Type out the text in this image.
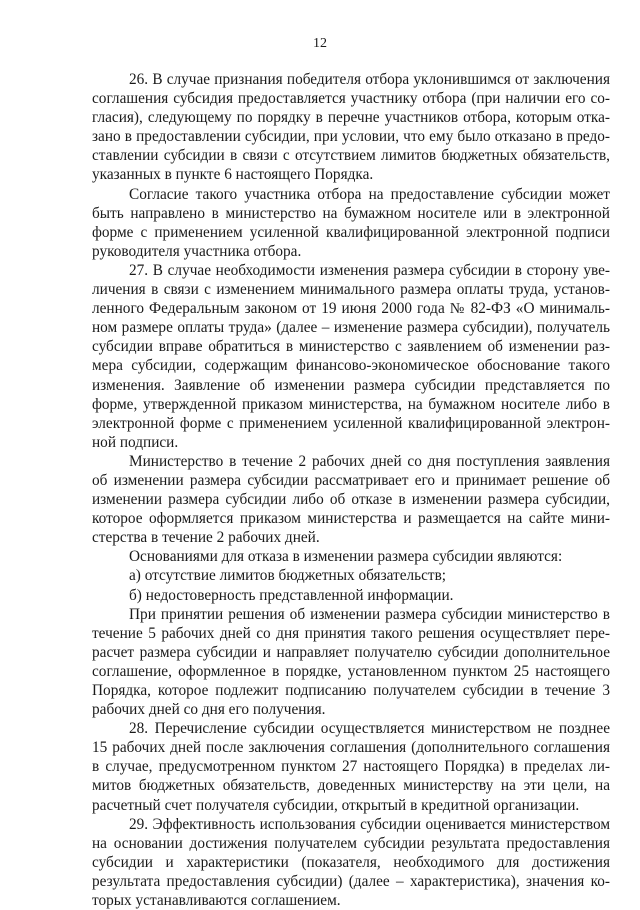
12

26. В случае признания победителя отбора уклонившимся от заключения соглашения субсидия предоставляется участнику отбора (при наличии его согласия), следующему по порядку в перечне участников отбора, которым отказано в предоставлении субсидии, при условии, что ему было отказано в предоставлении субсидии в связи с отсутствием лимитов бюджетных обязательств, указанных в пункте 6 настоящего Порядка.

Согласие такого участника отбора на предоставление субсидии может быть направлено в министерство на бумажном носителе или в электронной форме с применением усиленной квалифицированной электронной подписи руководителя участника отбора.

27. В случае необходимости изменения размера субсидии в сторону увеличения в связи с изменением минимального размера оплаты труда, установленного Федеральным законом от 19 июня 2000 года № 82-ФЗ «О минимальном размере оплаты труда» (далее – изменение размера субсидии), получатель субсидии вправе обратиться в министерство с заявлением об изменении размера субсидии, содержащим финансово-экономическое обоснование такого изменения. Заявление об изменении размера субсидии представляется по форме, утвержденной приказом министерства, на бумажном носителе либо в электронной форме с применением усиленной квалифицированной электронной подписи.

Министерство в течение 2 рабочих дней со дня поступления заявления об изменении размера субсидии рассматривает его и принимает решение об изменении размера субсидии либо об отказе в изменении размера субсидии, которое оформляется приказом министерства и размещается на сайте министерства в течение 2 рабочих дней.

Основаниями для отказа в изменении размера субсидии являются:

а) отсутствие лимитов бюджетных обязательств;

б) недостоверность представленной информации.

При принятии решения об изменении размера субсидии министерство в течение 5 рабочих дней со дня принятия такого решения осуществляет перерасчет размера субсидии и направляет получателю субсидии дополнительное соглашение, оформленное в порядке, установленном пунктом 25 настоящего Порядка, которое подлежит подписанию получателем субсидии в течение 3 рабочих дней со дня его получения.

28. Перечисление субсидии осуществляется министерством не позднее 15 рабочих дней после заключения соглашения (дополнительного соглашения в случае, предусмотренном пунктом 27 настоящего Порядка) в пределах лимитов бюджетных обязательств, доведенных министерству на эти цели, на расчетный счет получателя субсидии, открытый в кредитной организации.

29. Эффективность использования субсидии оценивается министерством на основании достижения получателем субсидии результата предоставления субсидии и характеристики (показателя, необходимого для достижения результата предоставления субсидии) (далее – характеристика), значения которых устанавливаются соглашением.
